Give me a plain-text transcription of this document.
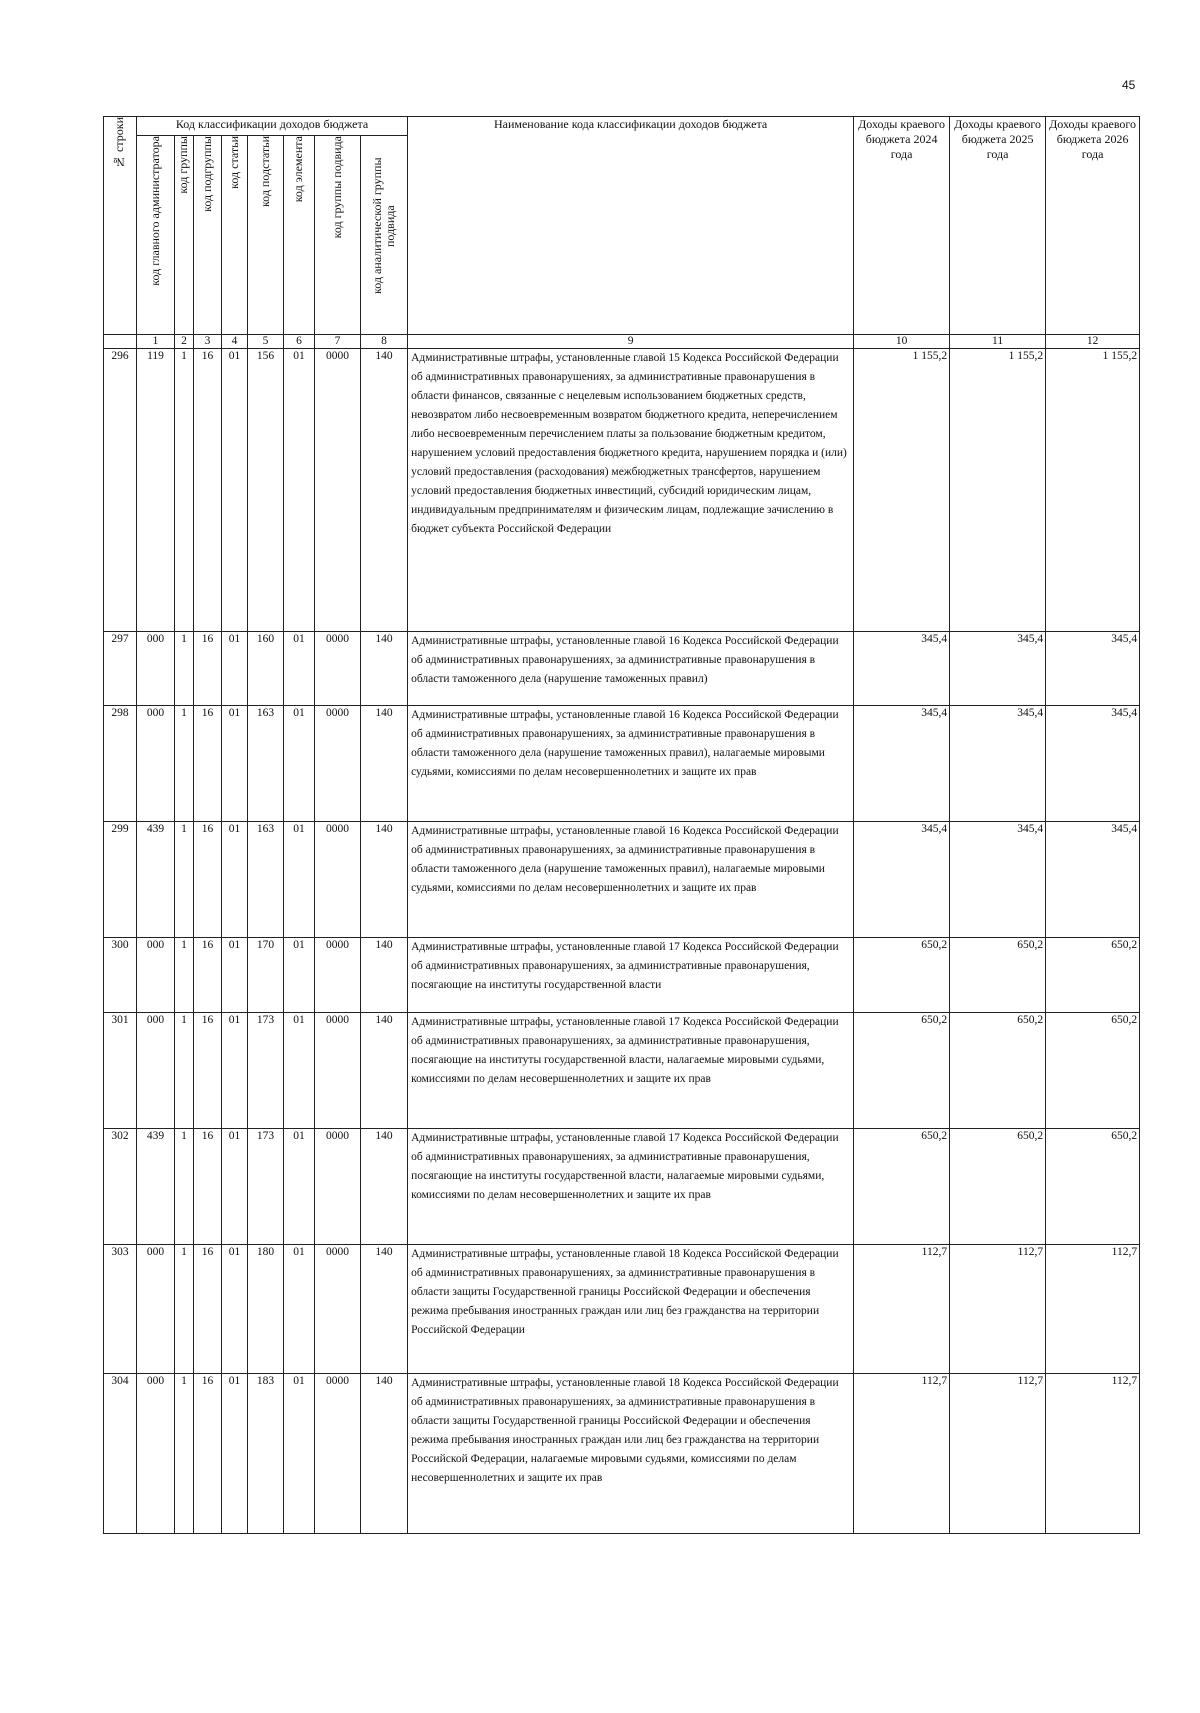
45
№ строки	Код классификации доходов бюджета								Наименование кода классификации доходов бюджета	Доходы краевого бюджета 2024 года	Доходы краевого бюджета 2025 года	Доходы краевого бюджета 2026 года
	код главного администратора	код группы	код подгруппы	код статьи	код подстатьи	код элемента	код группы подвида	код аналитической группы подвида				
	1	2	3	4	5	6	7	8	9	10	11	12
296	119	1	16	01	156	01	0000	140	Административные штрафы, установленные главой 15 Кодекса Российской Федерации об административных правонарушениях, за административные правонарушения в области финансов, связанные с нецелевым использованием бюджетных средств, невозвратом либо несвоевременным возвратом бюджетного кредита, неперечислением либо несвоевременным перечислением платы за пользование бюджетным кредитом, нарушением условий предоставления бюджетного кредита, нарушением порядка и (или) условий предоставления (расходования) межбюджетных трансфертов, нарушением условий предоставления бюджетных инвестиций, субсидий юридическим лицам, индивидуальным предпринимателям и физическим лицам, подлежащие зачислению в бюджет субъекта Российской Федерации	1 155,2	1 155,2	1 155,2
297	000	1	16	01	160	01	0000	140	Административные штрафы, установленные главой 16 Кодекса Российской Федерации об административных правонарушениях, за административные правонарушения в области таможенного дела (нарушение таможенных правил)	345,4	345,4	345,4
298	000	1	16	01	163	01	0000	140	Административные штрафы, установленные главой 16 Кодекса Российской Федерации об административных правонарушениях, за административные правонарушения в области таможенного дела (нарушение таможенных правил), налагаемые мировыми судьями, комиссиями по делам несовершеннолетних и защите их прав	345,4	345,4	345,4
299	439	1	16	01	163	01	0000	140	Административные штрафы, установленные главой 16 Кодекса Российской Федерации об административных правонарушениях, за административные правонарушения в области таможенного дела (нарушение таможенных правил), налагаемые мировыми судьями, комиссиями по делам несовершеннолетних и защите их прав	345,4	345,4	345,4
300	000	1	16	01	170	01	0000	140	Административные штрафы, установленные главой 17 Кодекса Российской Федерации об административных правонарушениях, за административные правонарушения, посягающие на институты государственной власти	650,2	650,2	650,2
301	000	1	16	01	173	01	0000	140	Административные штрафы, установленные главой 17 Кодекса Российской Федерации об административных правонарушениях, за административные правонарушения, посягающие на институты государственной власти, налагаемые мировыми судьями, комиссиями по делам несовершеннолетних и защите их прав	650,2	650,2	650,2
302	439	1	16	01	173	01	0000	140	Административные штрафы, установленные главой 17 Кодекса Российской Федерации об административных правонарушениях, за административные правонарушения, посягающие на институты государственной власти, налагаемые мировыми судьями, комиссиями по делам несовершеннолетних и защите их прав	650,2	650,2	650,2
303	000	1	16	01	180	01	0000	140	Административные штрафы, установленные главой 18 Кодекса Российской Федерации об административных правонарушениях, за административные правонарушения в области защиты Государственной границы Российской Федерации и обеспечения режима пребывания иностранных граждан или лиц без гражданства на территории Российской Федерации	112,7	112,7	112,7
304	000	1	16	01	183	01	0000	140	Административные штрафы, установленные главой 18 Кодекса Российской Федерации об административных правонарушениях, за административные правонарушения в области защиты Государственной границы Российской Федерации и обеспечения режима пребывания иностранных граждан или лиц без гражданства на территории Российской Федерации, налагаемые мировыми судьями, комиссиями по делам несовершеннолетних и защите их прав	112,7	112,7	112,7
